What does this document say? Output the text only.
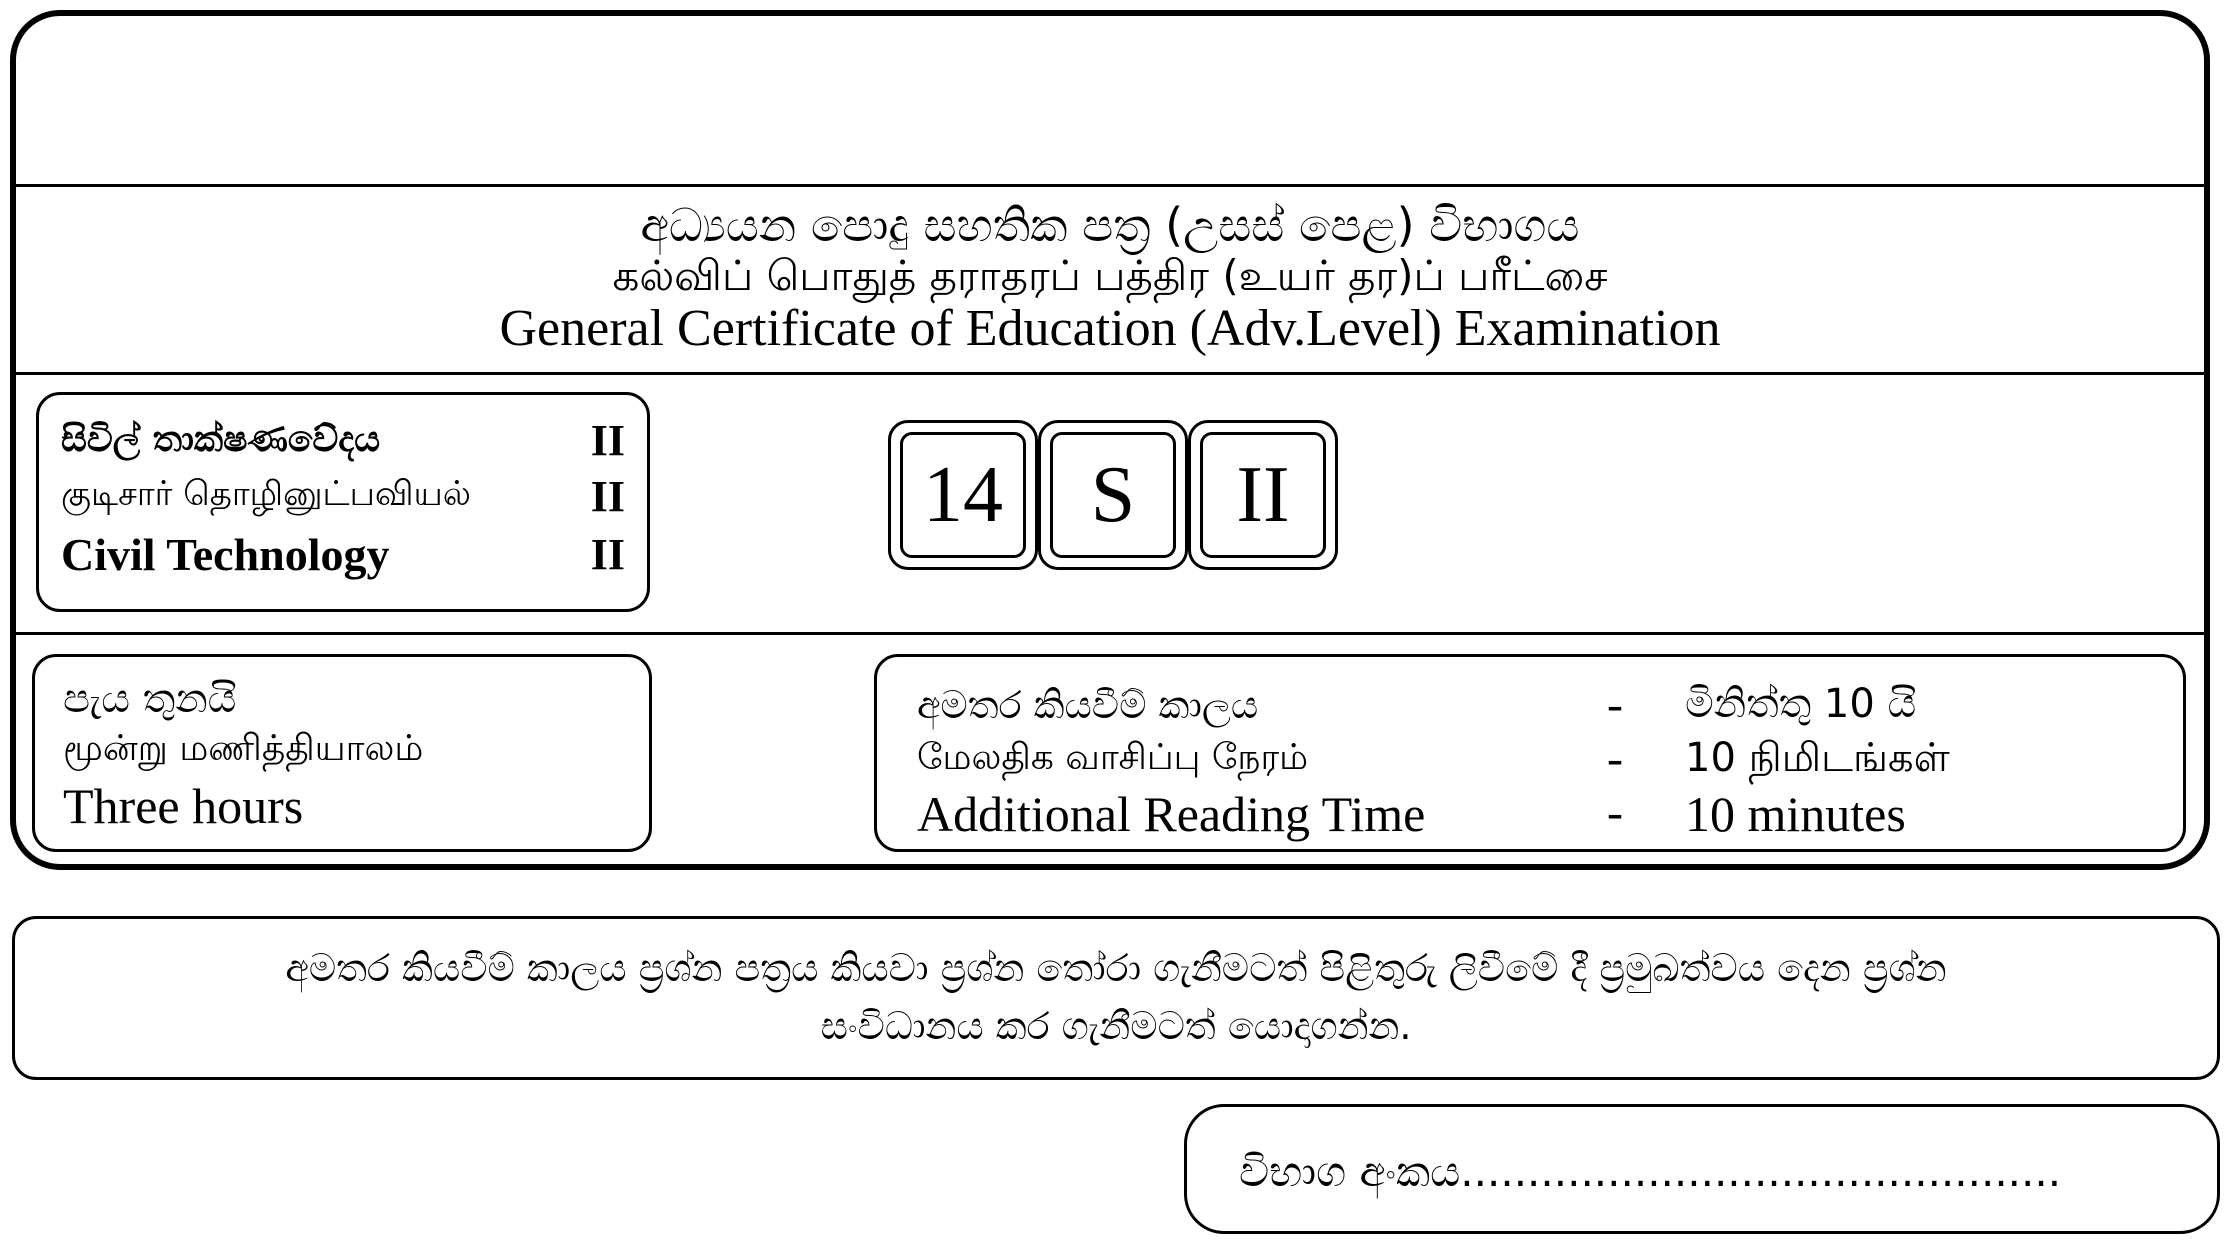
අධ්‍යයන පොදු සහතික පත්‍ර (උසස් පෙළ) විභාගය
கல்விப் பொதுத் தராதரப் பத்திர (உயர் தர)ப் பரீட்சை
General Certificate of Education (Adv.Level) Examination
සිවිල් තාක්ෂණවේදය	II
குடிசார் தொழினுட்பவியல்	II
Civil Technology	II
14	S	II
පැය තුනයි
மூன்று மணித்தியாலம்
Three hours
අමතර කියවීම් කාලය	- මිනිත්තු 10 යි
மேலதிக வாசிப்பு நேரம்	- 10 நிமிடங்கள்
Additional Reading Time	- 10 minutes
අමතර කියවීම් කාලය ප්‍රශ්න පත්‍රය කියවා ප්‍රශ්න තෝරා ගැනීමටත් පිළිතුරු ලිවීමේ දී ප්‍රමුඛත්වය දෙන ප්‍රශ්න
සංවිධානය කර ගැනීමටත් යොදාගන්න.
විභාග අංකය.............................................
